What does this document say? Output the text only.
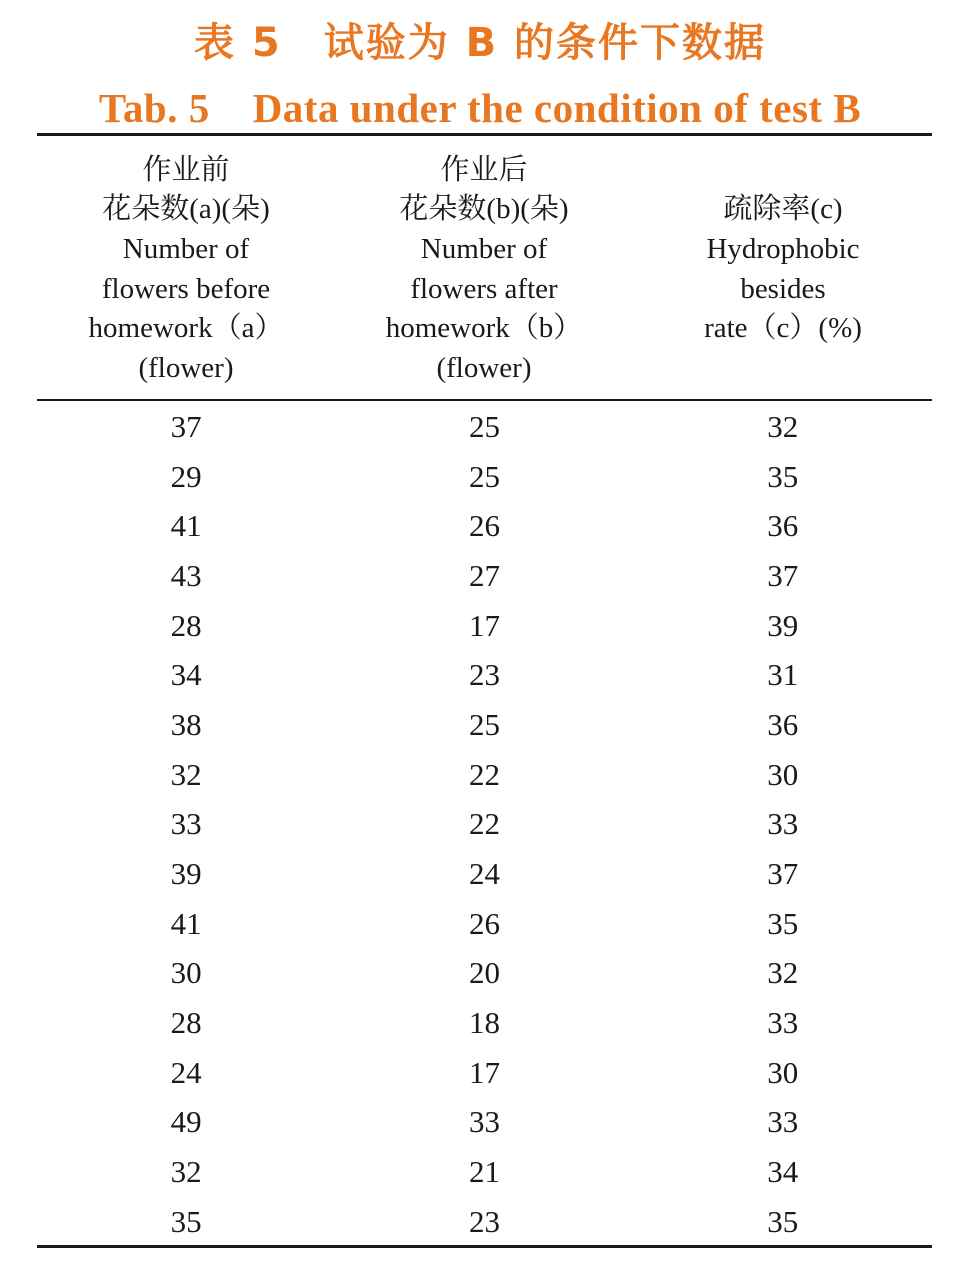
表 5　试验为 B 的条件下数据
Tab. 5    Data under the condition of test B
作业前
花朵数(a)(朵)
Number of
flowers before
homework（a）
(flower)
作业后
花朵数(b)(朵)
Number of
flowers after
homework（b）
(flower)
疏除率(c)
Hydrophobic
besides
rate（c）(%)
37	25	32
29	25	35
41	26	36
43	27	37
28	17	39
34	23	31
38	25	36
32	22	30
33	22	33
39	24	37
41	26	35
30	20	32
28	18	33
24	17	30
49	33	33
32	21	34
35	23	35
